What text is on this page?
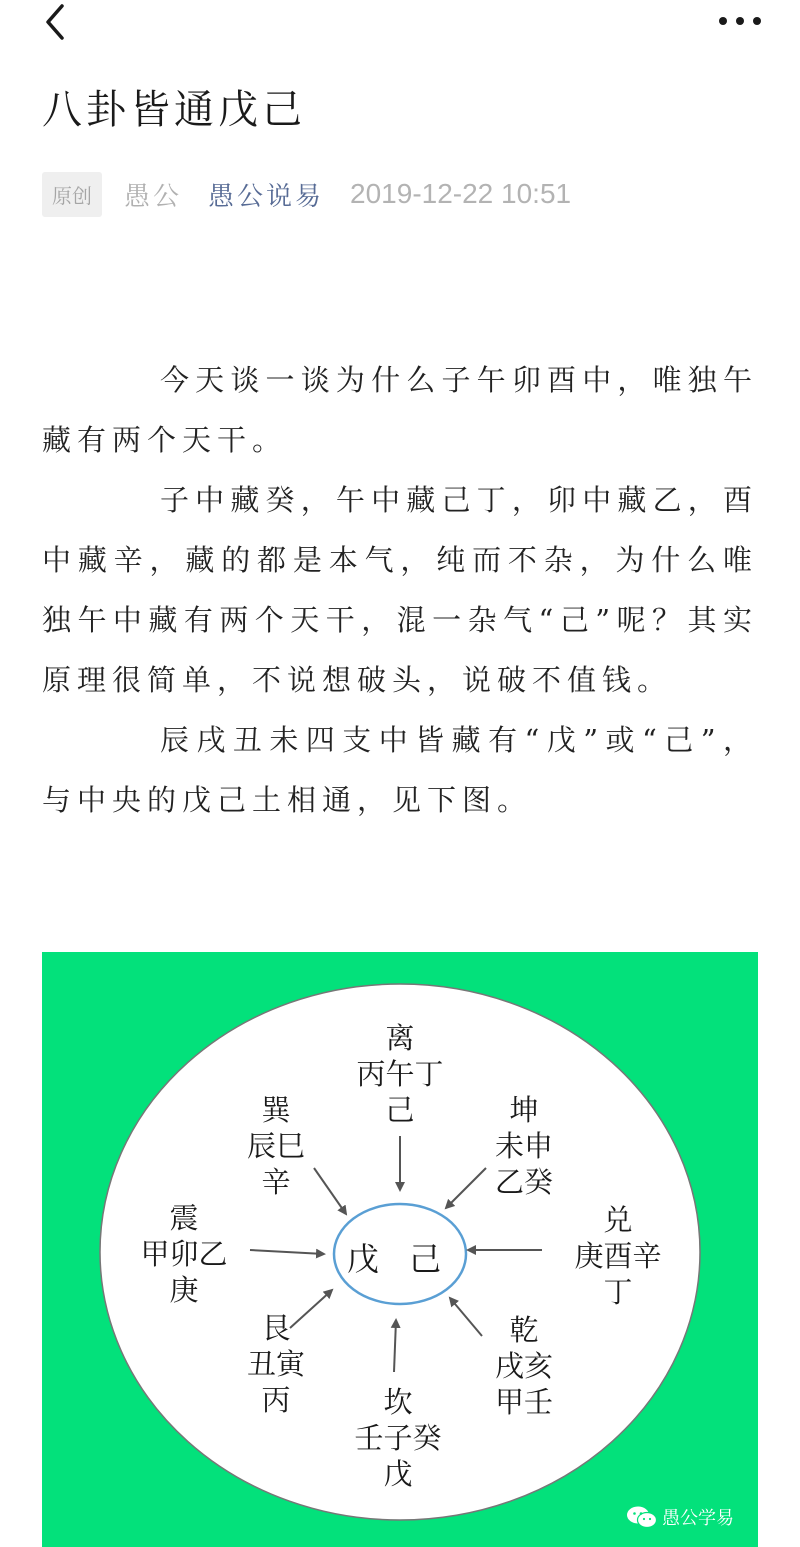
八卦皆通戊己
原创	愚公 愚公说易 2019-12-22 10:51

今天谈一谈为什么子午卯酉中，唯独午藏有两个天干。

子中藏癸，午中藏己丁，卯中藏乙，酉中藏辛，藏的都是本气，纯而不杂，为什么唯独午中藏有两个天干，混一杂气“己”呢？其实原理很简单，不说想破头，说破不值钱。

辰戌丑未四支中皆藏有“戊”或“己”，与中央的戊己土相通，见下图。

戊 己
离
丙午丁
己
巽
辰巳
辛
坤
未申
乙癸
震
甲卯乙
庚
兑
庚酉辛
丁
艮
丑寅
丙
乾
戌亥
甲壬
坎
壬子癸
戊
愚公学易
